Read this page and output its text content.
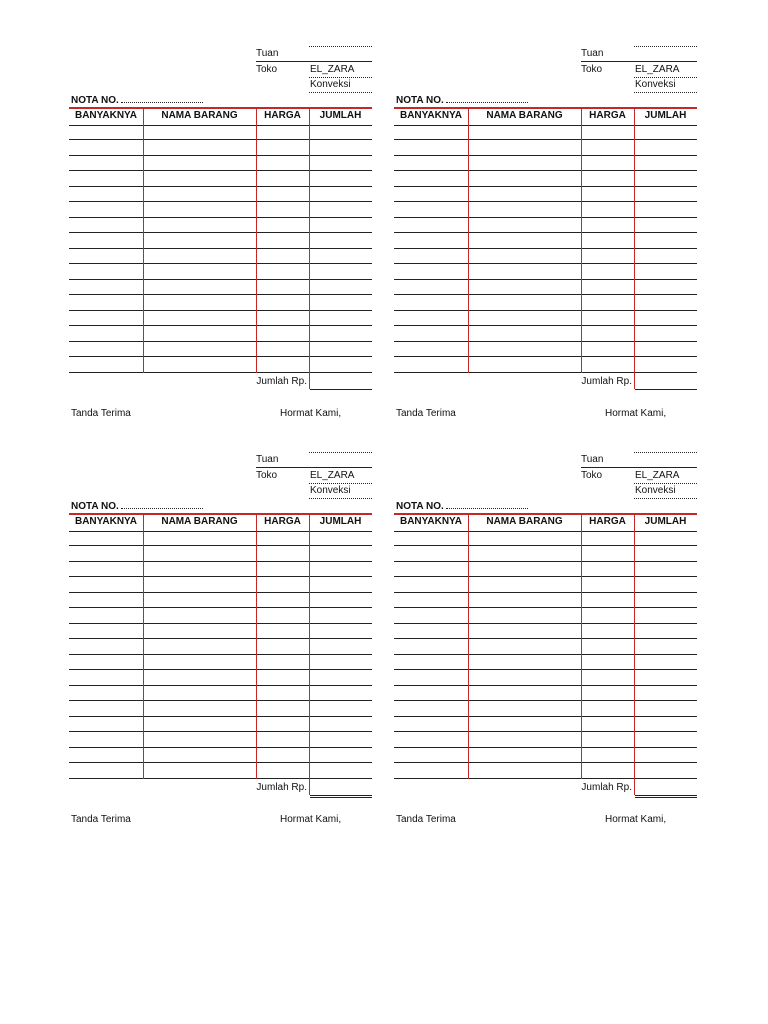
Tuan
Toko	EL_ZARA
Konveksi
NOTA NO.
BANYAKNYA	NAMA BARANG	HARGA	JUMLAH
Jumlah Rp.
Tanda Terima	Hormat Kami,
Tuan
Toko	EL_ZARA
Konveksi
NOTA NO.
BANYAKNYA	NAMA BARANG	HARGA	JUMLAH
Jumlah Rp.
Tanda Terima	Hormat Kami,
Tuan
Toko	EL_ZARA
Konveksi
NOTA NO.
BANYAKNYA	NAMA BARANG	HARGA	JUMLAH
Jumlah Rp.
Tanda Terima	Hormat Kami,
Tuan
Toko	EL_ZARA
Konveksi
NOTA NO.
BANYAKNYA	NAMA BARANG	HARGA	JUMLAH
Jumlah Rp.
Tanda Terima	Hormat Kami,
